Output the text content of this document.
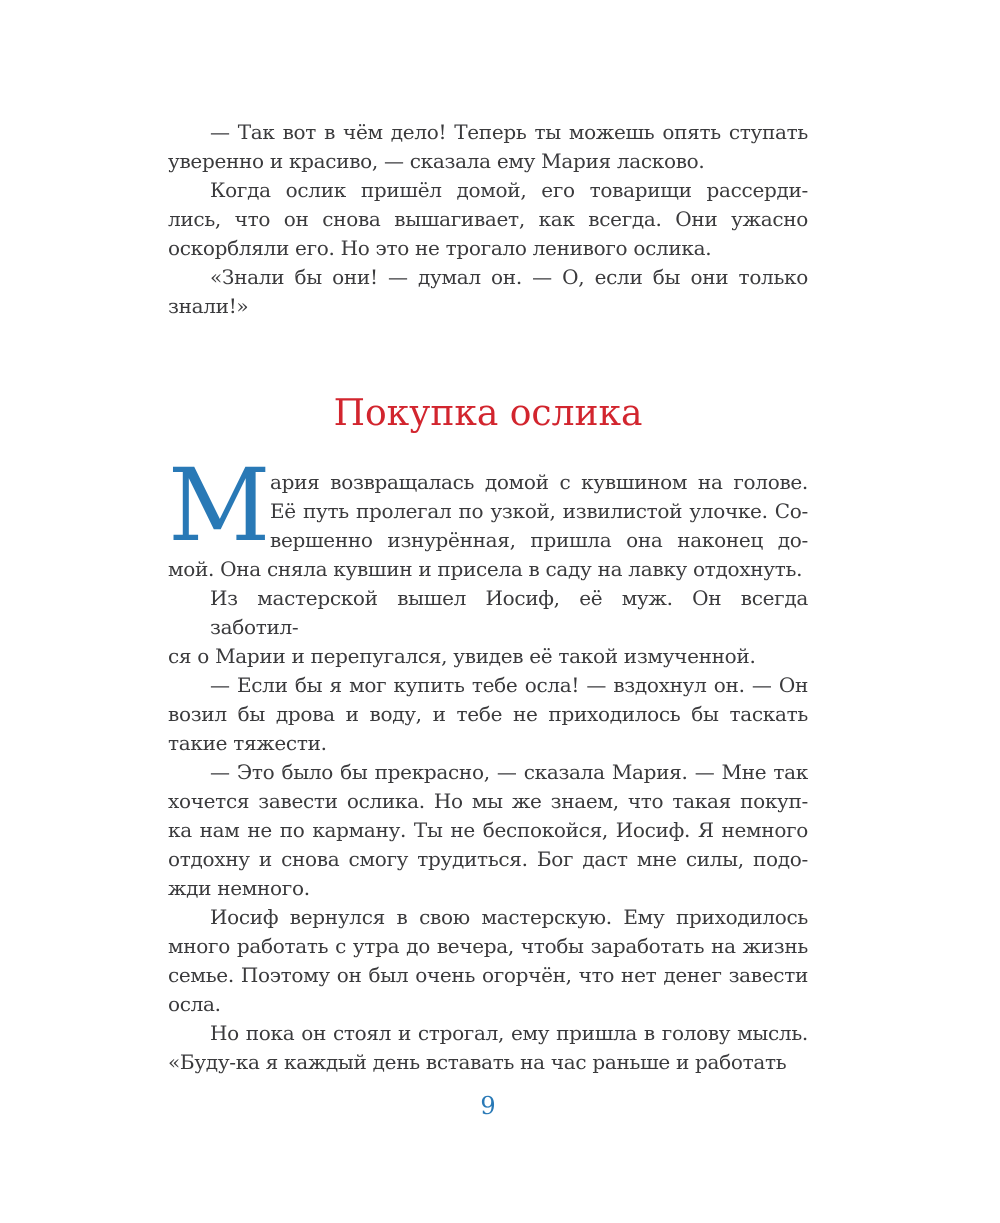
— Так вот в чём дело! Теперь ты можешь опять ступать
уверенно и красиво, — сказала ему Мария ласково.
Когда ослик пришёл домой, его товарищи рассерди-
лись, что он снова вышагивает, как всегда. Они ужасно
оскорбляли его. Но это не трогало ленивого ослика.
«Знали бы они! — думал он. — О, если бы они только
знали!»
Покупка ослика
М ария возвращалась домой с кувшином на голове.
Её путь пролегал по узкой, извилистой улочке. Со-
вершенно изнурённая, пришла она наконец до-
мой. Она сняла кувшин и присела в саду на лавку отдохнуть.
Из мастерской вышел Иосиф, её муж. Он всегда заботил-
ся о Марии и перепугался, увидев её такой измученной.
— Если бы я мог купить тебе осла! — вздохнул он. — Он
возил бы дрова и воду, и тебе не приходилось бы таскать
такие тяжести.
— Это было бы прекрасно, — сказала Мария. — Мне так
хочется завести ослика. Но мы же знаем, что такая покуп-
ка нам не по карману. Ты не беспокойся, Иосиф. Я немного
отдохну и снова смогу трудиться. Бог даст мне силы, подо-
жди немного.
Иосиф вернулся в свою мастерскую. Ему приходилось
много работать с утра до вечера, чтобы заработать на жизнь
семье. Поэтому он был очень огорчён, что нет денег завести
осла.
Но пока он стоял и строгал, ему пришла в голову мысль.
«Буду-ка я каждый день вставать на час раньше и работать
9
